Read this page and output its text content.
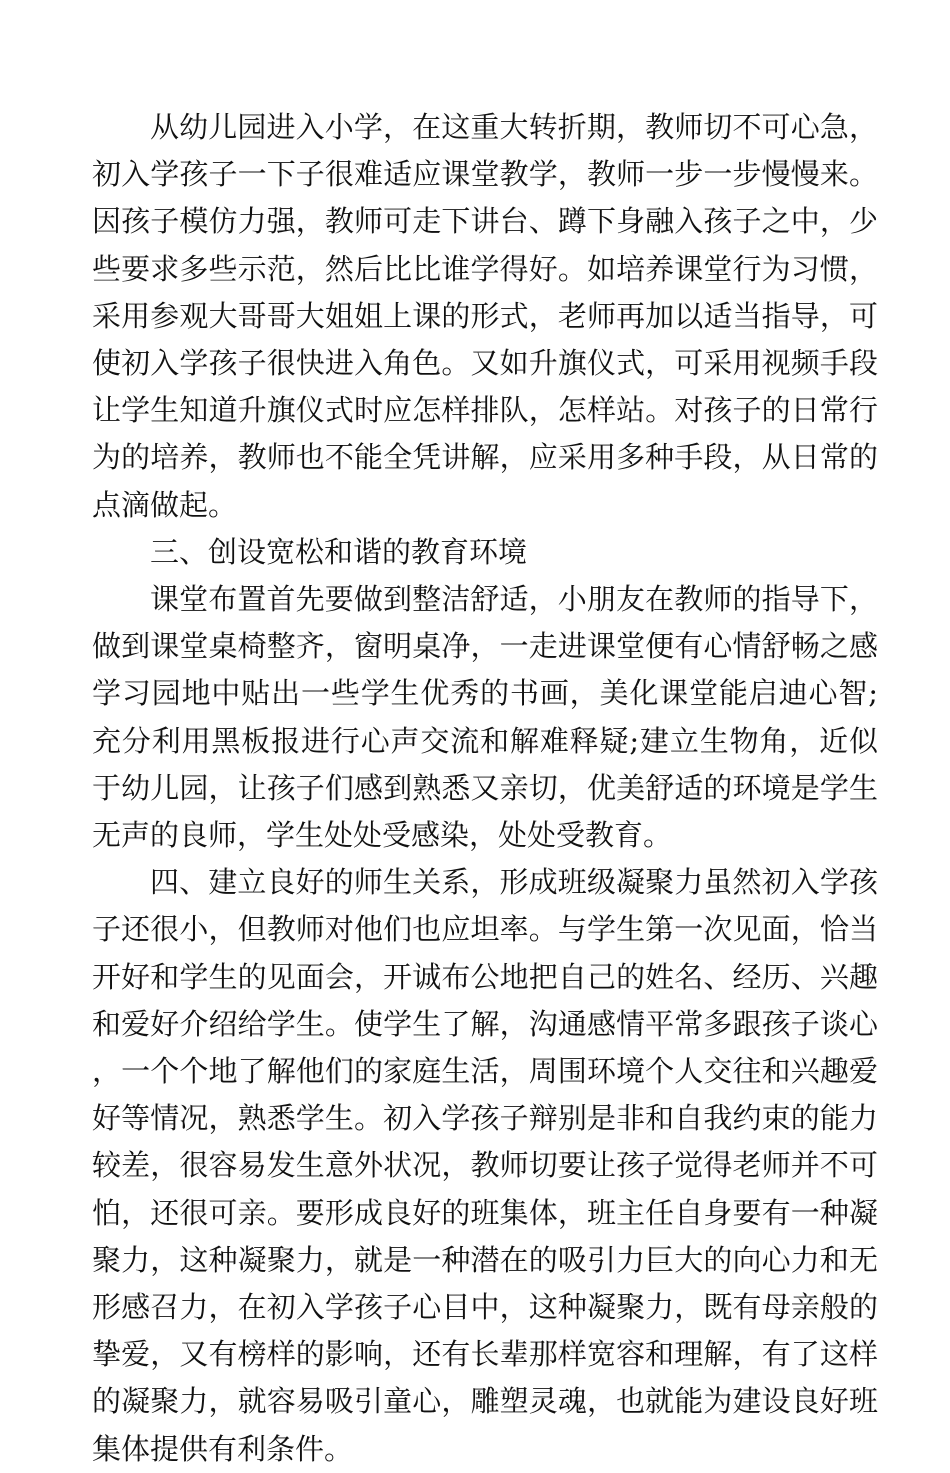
从幼儿园进入小学，在这重大转折期，教师切不可心急，初入学孩子一下子很难适应课堂教学，教师一步一步慢慢来。因孩子模仿力强，教师可走下讲台、蹲下身融入孩子之中，少些要求多些示范，然后比比谁学得好。如培养课堂行为习惯，采用参观大哥哥大姐姐上课的形式，老师再加以适当指导，可使初入学孩子很快进入角色。又如升旗仪式，可采用视频手段让学生知道升旗仪式时应怎样排队，怎样站。对孩子的日常行为的培养，教师也不能全凭讲解，应采用多种手段，从日常的点滴做起。

三、创设宽松和谐的教育环境

课堂布置首先要做到整洁舒适，小朋友在教师的指导下，做到课堂桌椅整齐，窗明桌净，一走进课堂便有心情舒畅之感学习园地中贴出一些学生优秀的书画，美化课堂能启迪心智;充分利用黑板报进行心声交流和解难释疑;建立生物角，近似于幼儿园，让孩子们感到熟悉又亲切，优美舒适的环境是学生无声的良师，学生处处受感染，处处受教育。

四、建立良好的师生关系，形成班级凝聚力虽然初入学孩子还很小，但教师对他们也应坦率。与学生第一次见面，恰当开好和学生的见面会，开诚布公地把自己的姓名、经历、兴趣和爱好介绍给学生。使学生了解，沟通感情平常多跟孩子谈心，一个个地了解他们的家庭生活，周围环境个人交往和兴趣爱好等情况，熟悉学生。初入学孩子辩别是非和自我约束的能力较差，很容易发生意外状况，教师切要让孩子觉得老师并不可怕，还很可亲。要形成良好的班集体，班主任自身要有一种凝聚力，这种凝聚力，就是一种潜在的吸引力巨大的向心力和无形感召力，在初入学孩子心目中，这种凝聚力，既有母亲般的挚爱，又有榜样的影响，还有长辈那样宽容和理解，有了这样的凝聚力，就容易吸引童心，雕塑灵魂，也就能为建设良好班集体提供有利条件。
